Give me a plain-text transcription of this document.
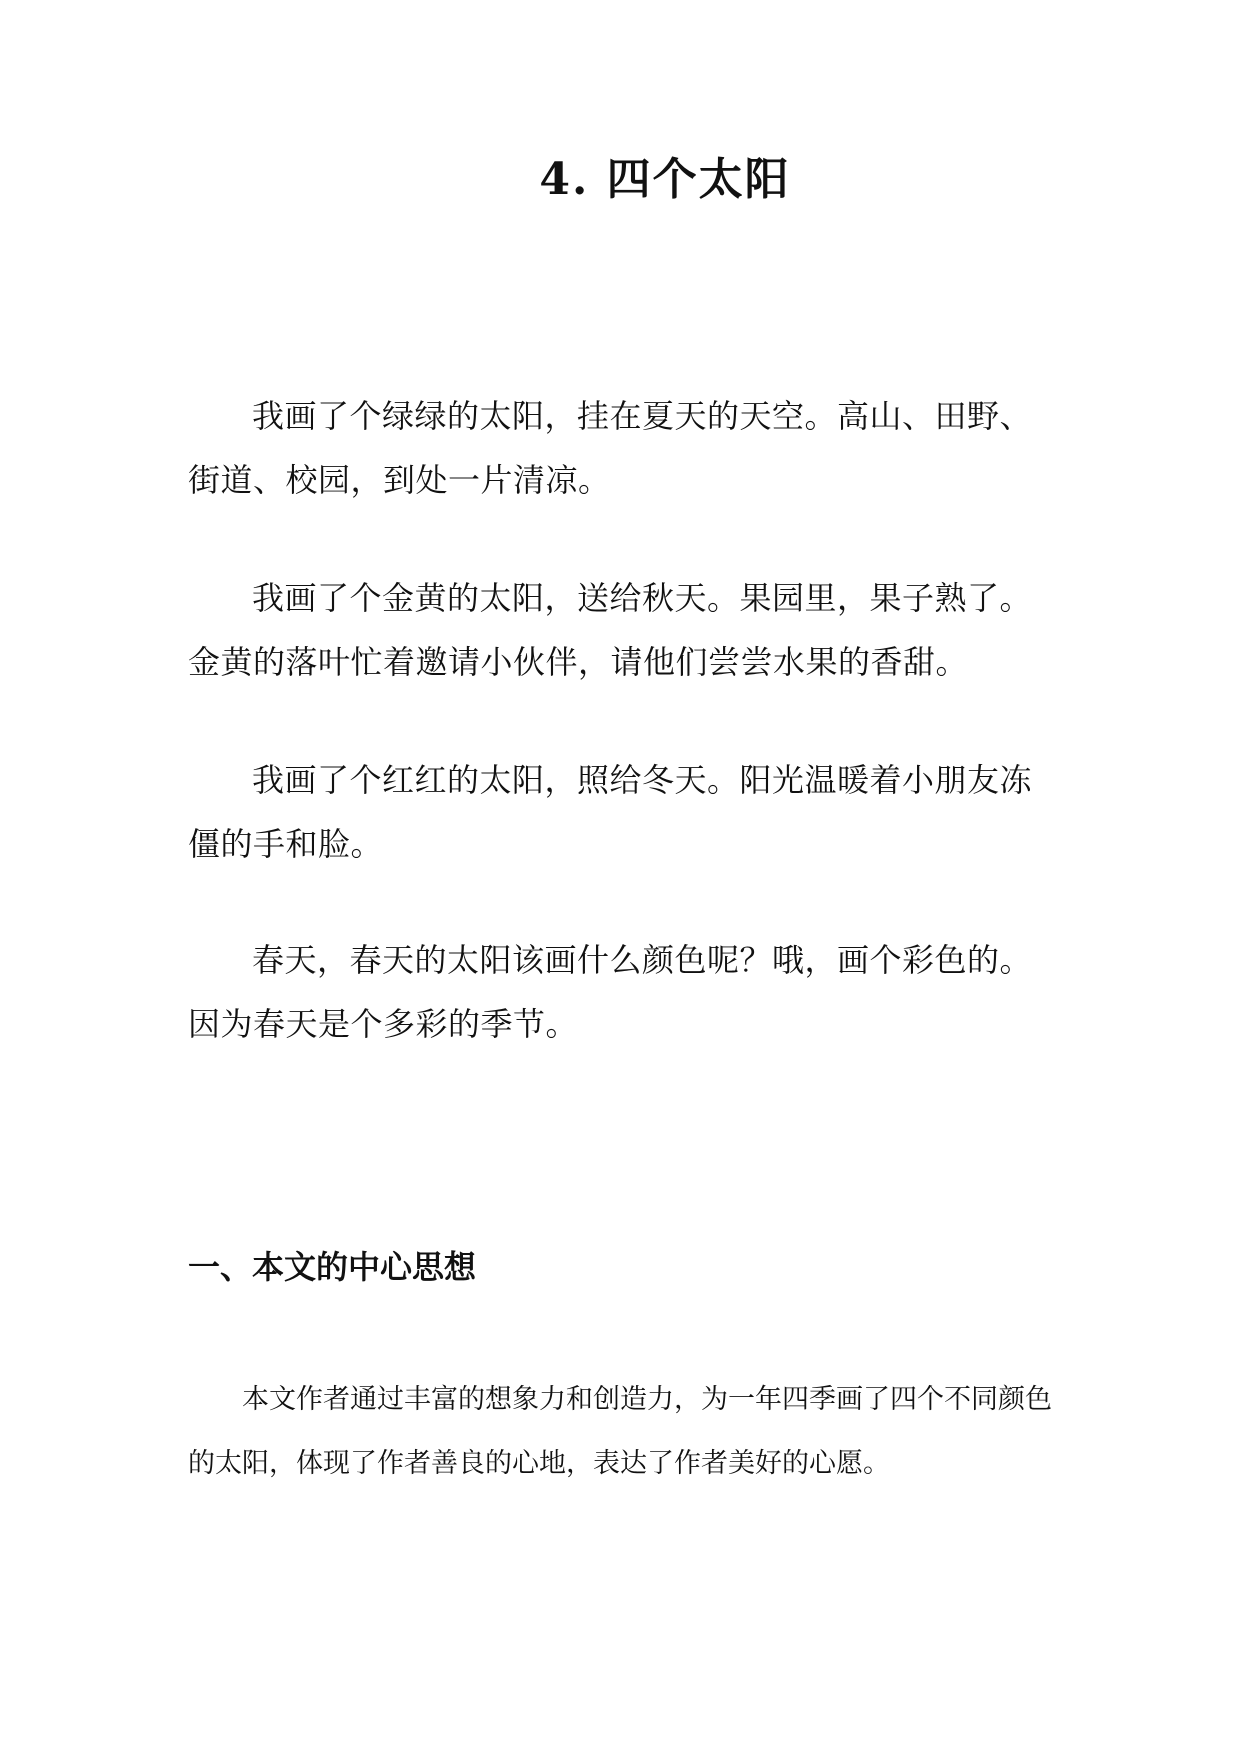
4. 四个太阳

我画了个绿绿的太阳，挂在夏天的天空。高山、田野、街道、校园，到处一片清凉。

我画了个金黄的太阳，送给秋天。果园里，果子熟了。金黄的落叶忙着邀请小伙伴，请他们尝尝水果的香甜。

我画了个红红的太阳，照给冬天。阳光温暖着小朋友冻僵的手和脸。

春天，春天的太阳该画什么颜色呢？哦，画个彩色的。因为春天是个多彩的季节。

一、本文的中心思想

本文作者通过丰富的想象力和创造力，为一年四季画了四个不同颜色的太阳，体现了作者善良的心地，表达了作者美好的心愿。
